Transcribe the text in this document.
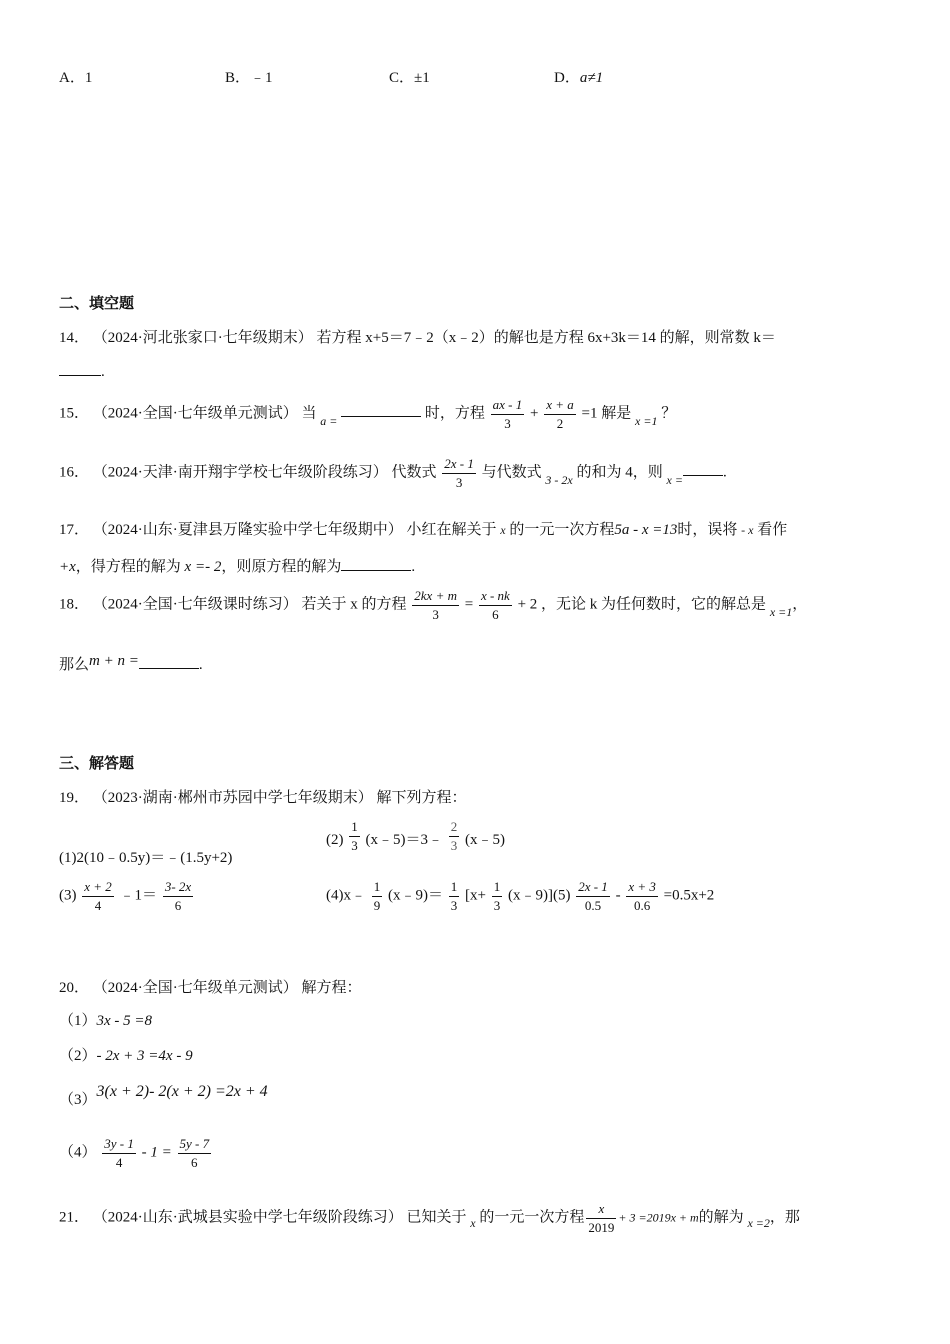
A．1	B．﹣1	C．±1	D．a≠1
二、填空题
14． （2024·河北张家口·七年级期末） 若方程 x+5＝7﹣2（x﹣2）的解也是方程 6x+3k＝14 的解，则常数 k＝
.
15． （2024·全国·七年级单元测试） 当 $_{a =}$	时，方程 $\frac{ax - 1}{3} + \frac{x + a}{2} =1$ 解是 $_{x =1}$ ？
16． （2024·天津·南开翔宇学校七年级阶段练习） 代数式 $\frac{2x - 1}{3}$ 与代数式 $_{3 - 2x}$ 的和为 4，则 $_{x =}$	.
17． （2024·山东·夏津县万隆实验中学七年级期中） 小红在解关于 x 的一元一次方程5a - x =13时，误将 - x 看作
+x，得方程的解为 x =- 2，则原方程的解为	.
18． （2024·全国·七年级课时练习） 若关于 x 的方程 $\frac{2kx + m}{3} = \frac{x - nk}{6} + 2$ ，无论 k 为任何数时，它的解总是 $_{x =1}$，
那么m + n =	.
三、解答题
19． （2023·湖南·郴州市苏园中学七年级期末） 解下列方程：
(1)2(10﹣0.5y)＝﹣(1.5y+2)
$(2) \frac{1}{3}$ (x﹣5)＝3﹣ $\frac{2}{3}$ (x﹣5)
$(3) \frac{x + 2}{4}$ ﹣1＝ $\frac{3- 2x}{6}$	(4)x﹣ $\frac{1}{9}$ (x﹣9)＝ $\frac{1}{3} [x+ \frac{1}{3}$ (x﹣9)](5) $\frac{2x - 1}{0.5} - \frac{x + 3}{0.6} =0.5x+2$
20． （2024·全国·七年级单元测试） 解方程：
（1）3x - 5 =8
（2）- 2x + 3 =4x - 9
（3）3(x + 2)- 2(x + 2) =2x + 4
$(4) \frac{3y - 1}{4} - 1 = \frac{5y - 7}{6}$
21． （2024·山东·武城县实验中学七年级阶段练习） 已知关于 $_x$ 的一元一次方程 $\frac{x}{2019} + 3 =2019x + m$的解为 $_{x =2}$，那
